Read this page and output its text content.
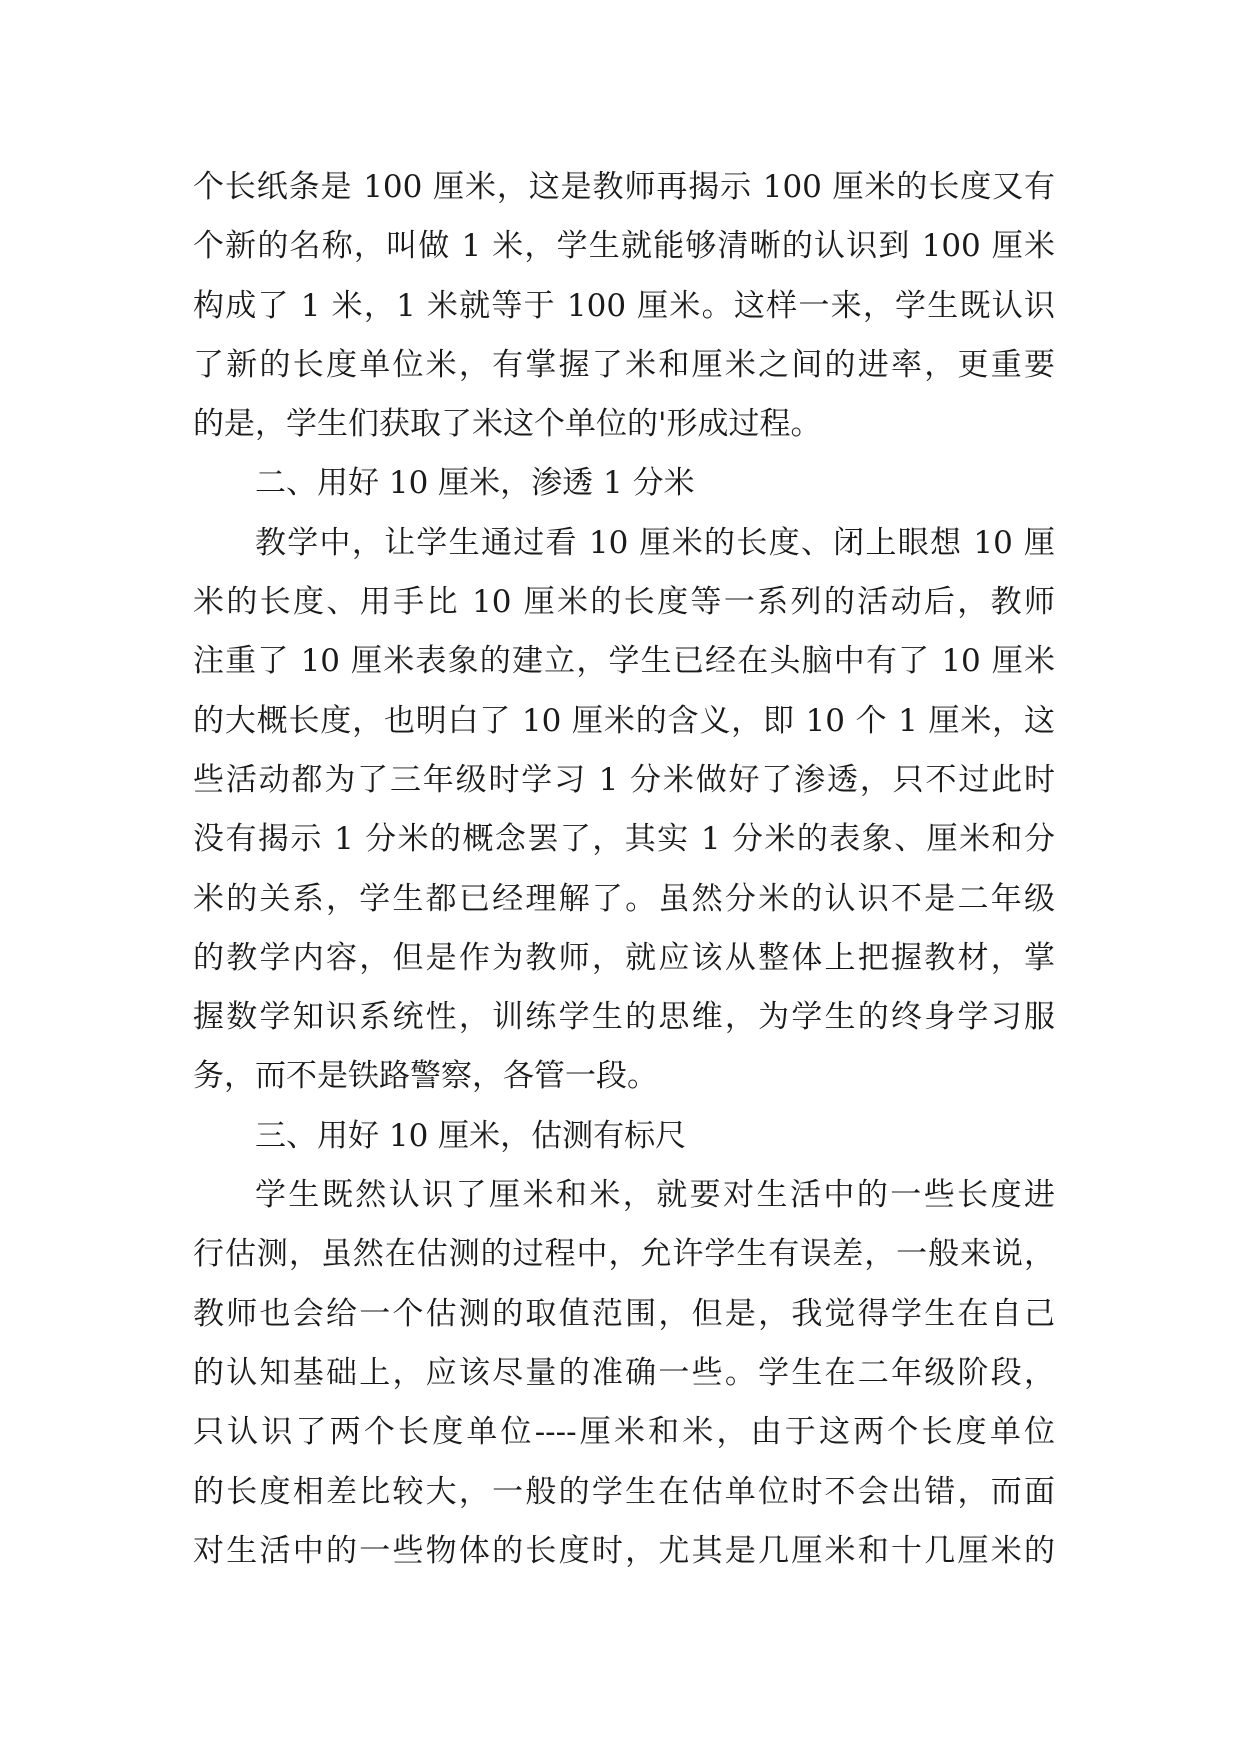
个长纸条是 100 厘米，这是教师再揭示 100 厘米的长度又有
个新的名称，叫做 1 米，学生就能够清晰的认识到 100 厘米
构成了 1 米，1 米就等于 100 厘米。这样一来，学生既认识
了新的长度单位米，有掌握了米和厘米之间的进率，更重要
的是，学生们获取了米这个单位的'形成过程。
二、用好 10 厘米，渗透 1 分米
教学中，让学生通过看 10 厘米的长度、闭上眼想 10 厘
米的长度、用手比 10 厘米的长度等一系列的活动后，教师
注重了 10 厘米表象的建立，学生已经在头脑中有了 10 厘米
的大概长度，也明白了 10 厘米的含义，即 10 个 1 厘米，这
些活动都为了三年级时学习 1 分米做好了渗透，只不过此时
没有揭示 1 分米的概念罢了，其实 1 分米的表象、厘米和分
米的关系，学生都已经理解了。虽然分米的认识不是二年级
的教学内容，但是作为教师，就应该从整体上把握教材，掌
握数学知识系统性，训练学生的思维，为学生的终身学习服
务，而不是铁路警察，各管一段。
三、用好 10 厘米，估测有标尺
学生既然认识了厘米和米，就要对生活中的一些长度进
行估测，虽然在估测的过程中，允许学生有误差，一般来说，
教师也会给一个估测的取值范围，但是，我觉得学生在自己
的认知基础上，应该尽量的准确一些。学生在二年级阶段，
只认识了两个长度单位----厘米和米，由于这两个长度单位
的长度相差比较大，一般的学生在估单位时不会出错，而面
对生活中的一些物体的长度时，尤其是几厘米和十几厘米的
